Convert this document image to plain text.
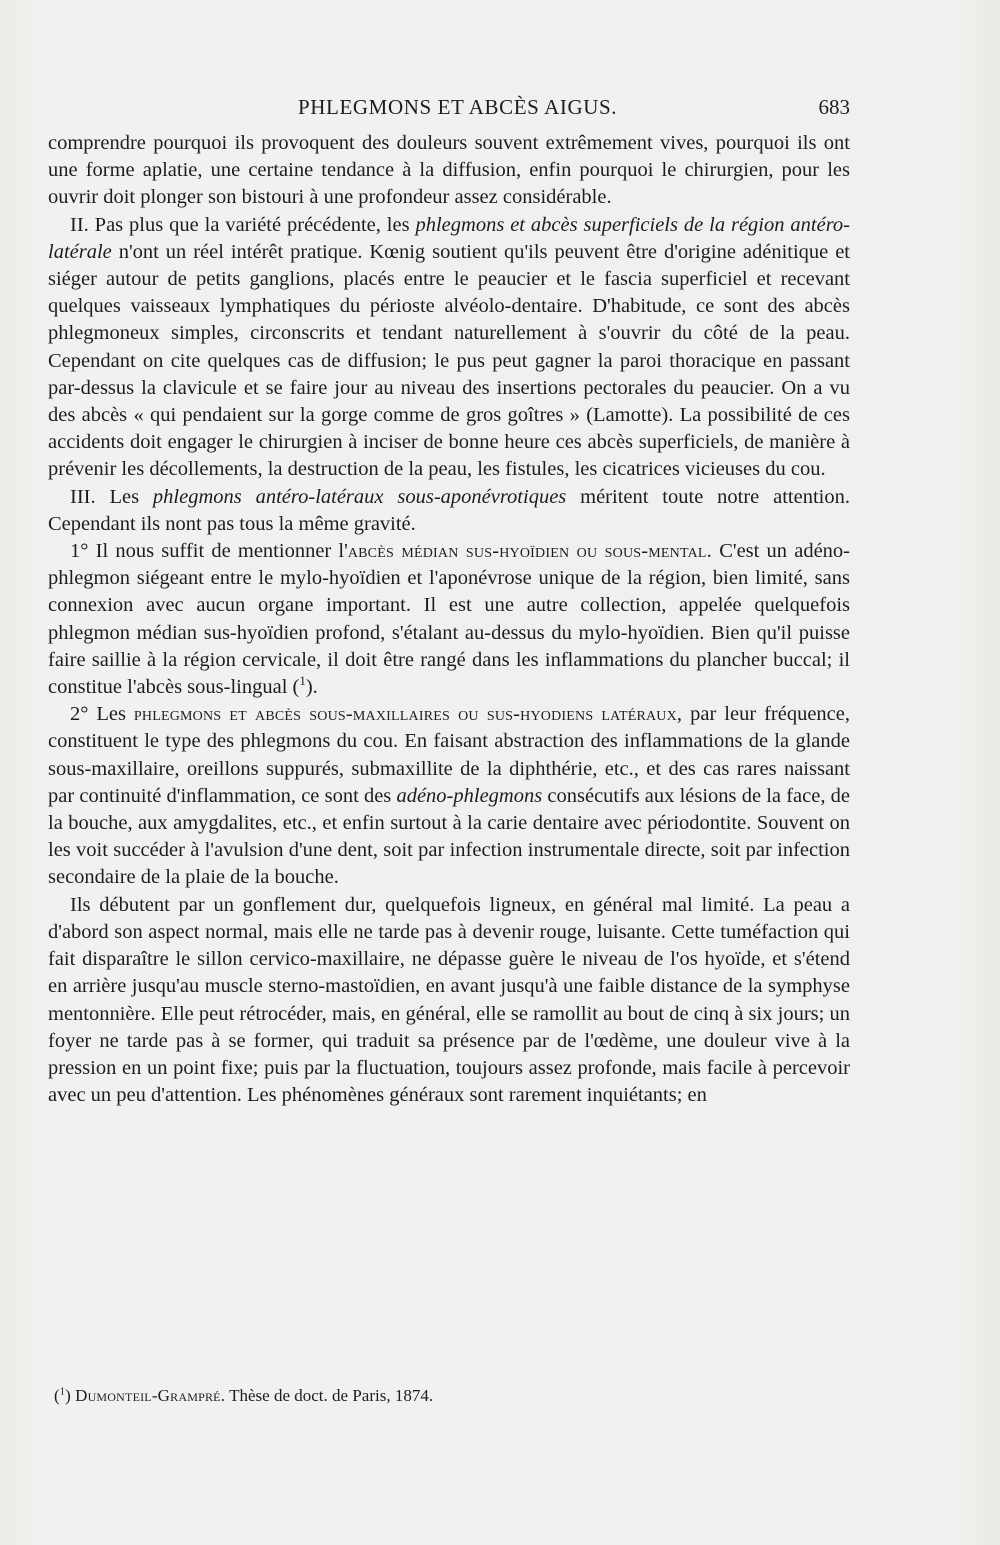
PHLEGMONS ET ABCÈS AIGUS.	683

comprendre pourquoi ils provoquent des douleurs souvent extrêmement vives, pourquoi ils ont une forme aplatie, une certaine tendance à la diffusion, enfin pourquoi le chirurgien, pour les ouvrir doit plonger son bistouri à une profondeur assez considérable.

II. Pas plus que la variété précédente, les phlegmons et abcès superficiels de la région antéro-latérale n'ont un réel intérêt pratique. Kœnig soutient qu'ils peuvent être d'origine adénitique et siéger autour de petits ganglions, placés entre le peaucier et le fascia superficiel et recevant quelques vaisseaux lymphatiques du périoste alvéolo-dentaire. D'habitude, ce sont des abcès phlegmoneux simples, circonscrits et tendant naturellement à s'ouvrir du côté de la peau. Cependant on cite quelques cas de diffusion; le pus peut gagner la paroi thoracique en passant par-dessus la clavicule et se faire jour au niveau des insertions pectorales du peaucier. On a vu des abcès « qui pendaient sur la gorge comme de gros goîtres » (Lamotte). La possibilité de ces accidents doit engager le chirurgien à inciser de bonne heure ces abcès superficiels, de manière à prévenir les décollements, la destruction de la peau, les fistules, les cicatrices vicieuses du cou.

III. Les phlegmons antéro-latéraux sous-aponévrotiques méritent toute notre attention. Cependant ils nont pas tous la même gravité.

1° Il nous suffit de mentionner l'abcès médian sus-hyoïdien ou sous-mental. C'est un adéno-phlegmon siégeant entre le mylo-hyoïdien et l'aponévrose unique de la région, bien limité, sans connexion avec aucun organe important. Il est une autre collection, appelée quelquefois phlegmon médian sus-hyoïdien profond, s'étalant au-dessus du mylo-hyoïdien. Bien qu'il puisse faire saillie à la région cervicale, il doit être rangé dans les inflammations du plancher buccal; il constitue l'abcès sous-lingual ($^1$).

2° Les phlegmons et abcès sous-maxillaires ou sus-hyodiens latéraux, par leur fréquence, constituent le type des phlegmons du cou. En faisant abstraction des inflammations de la glande sous-maxillaire, oreillons suppurés, submaxillite de la diphthérie, etc., et des cas rares naissant par continuité d'inflammation, ce sont des adéno-phlegmons consécutifs aux lésions de la face, de la bouche, aux amygdalites, etc., et enfin surtout à la carie dentaire avec périodontite. Souvent on les voit succéder à l'avulsion d'une dent, soit par infection instrumentale directe, soit par infection secondaire de la plaie de la bouche.

Ils débutent par un gonflement dur, quelquefois ligneux, en général mal limité. La peau a d'abord son aspect normal, mais elle ne tarde pas à devenir rouge, luisante. Cette tuméfaction qui fait disparaître le sillon cervico-maxillaire, ne dépasse guère le niveau de l'os hyoïde, et s'étend en arrière jusqu'au muscle sterno-mastoïdien, en avant jusqu'à une faible distance de la symphyse mentonnière. Elle peut rétrocéder, mais, en général, elle se ramollit au bout de cinq à six jours; un foyer ne tarde pas à se former, qui traduit sa présence par de l'œdème, une douleur vive à la pression en un point fixe; puis par la fluctuation, toujours assez profonde, mais facile à percevoir avec un peu d'attention. Les phénomènes généraux sont rarement inquiétants; en

($^1$) Dumonteil-Grampré. Thèse de doct. de Paris, 1874.
